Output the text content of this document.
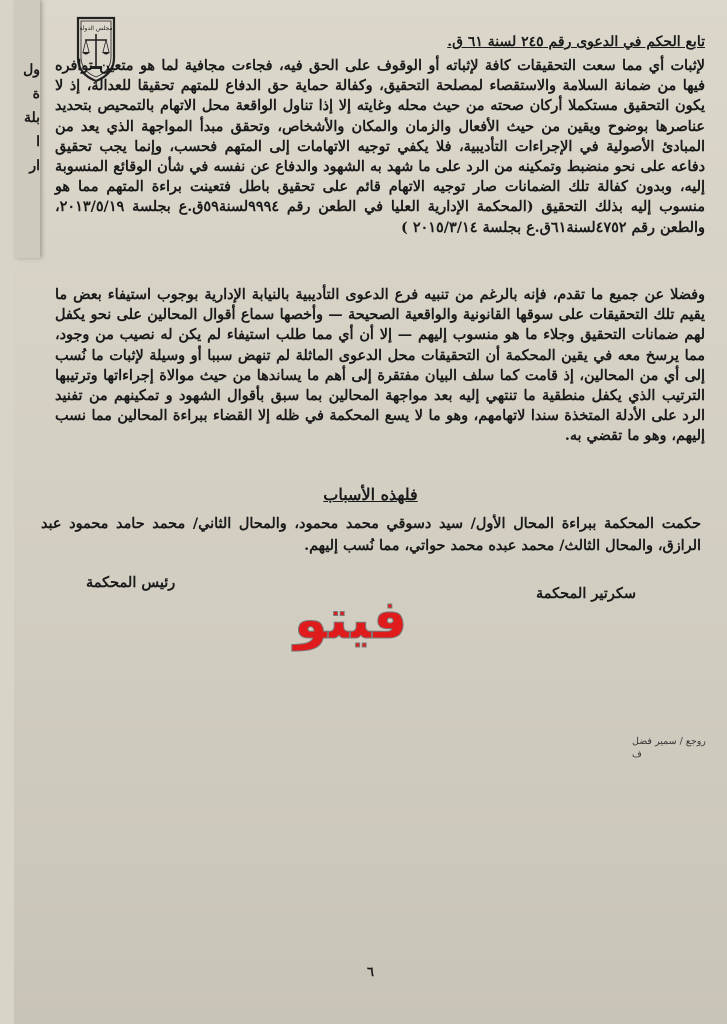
ول
ة
بلة
ا
ار
مجلس الدولة
تابع الحكم في الدعوى رقم ٢٤٥ لسنة ٦١ ق.
لإثبات أي مما سعت التحقيقات كافة لإثباته أو الوقوف على الحق فيه، فجاءت مجافية لما هو متعين توافره فيها من ضمانة السلامة والاستقصاء لمصلحة التحقيق، وكفالة حماية حق الدفاع للمتهم تحقيقا للعدالة، إذ لا يكون التحقيق مستكملا أركان صحته من حيث محله وغايته إلا إذا تناول الواقعة محل الاتهام بالتمحيص بتحديد عناصرها بوضوح ويقين من حيث الأفعال والزمان والمكان والأشخاص، وتحقق مبدأ المواجهة الذي يعد من المبادئ الأصولية في الإجراءات التأديبية، فلا يكفي توجيه الاتهامات إلى المتهم فحسب، وإنما يجب تحقيق دفاعه على نحو منضبط وتمكينه من الرد على ما شهد به الشهود والدفاع عن نفسه في شأن الوقائع المنسوبة إليه، وبدون كفالة تلك الضمانات صار توجيه الاتهام قائم على تحقيق باطل فتعينت براءة المتهم مما هو منسوب إليه بذلك التحقيق (المحكمة الإدارية العليا في الطعن رقم ٩٩٩٤لسنة٥٩ق.ع بجلسة ٢٠١٣/٥/١٩، والطعن رقم ٤٧٥٢لسنة٦١ق.ع بجلسة ٢٠١٥/٣/١٤ )
وفضلا عن جميع ما تقدم، فإنه بالرغم من تنبيه فرع الدعوى التأديبية بالنيابة الإدارية بوجوب استيفاء بعض ما يقيم تلك التحقيقات على سوقها القانونية والواقعية الصحيحة — وأخصها سماع أقوال المحالين على نحو يكفل لهم ضمانات التحقيق وجلاء ما هو منسوب إليهم — إلا أن أي مما طلب استيفاء لم يكن له نصيب من وجود، مما يرسخ معه في يقين المحكمة أن التحقيقات محل الدعوى الماثلة لم تنهض سببا أو وسيلة لإثبات ما نُسب إلى أي من المحالين، إذ قامت كما سلف البيان مفتقرة إلى أهم ما يساندها من حيث موالاة إجراءاتها وترتيبها الترتيب الذي يكفل منطقية ما تنتهي إليه بعد مواجهة المحالين بما سبق بأقوال الشهود و تمكينهم من تفنيد الرد على الأدلة المتخذة سندا لاتهامهم، وهو ما لا يسع المحكمة في ظله إلا القضاء ببراءة المحالين مما نسب إليهم، وهو ما تقضي به.
فلهذه الأسباب
حكمت المحكمة ببراءة المحال الأول/ سيد دسوقي محمد محمود، والمحال الثاني/ محمد حامد محمود عبد الرازق، والمحال الثالث/ محمد عبده محمد حواتي، مما نُسب إليهم.
رئيس المحكمة
سكرتير المحكمة
فيتو
روجع / سمير فضل
ف
٦
